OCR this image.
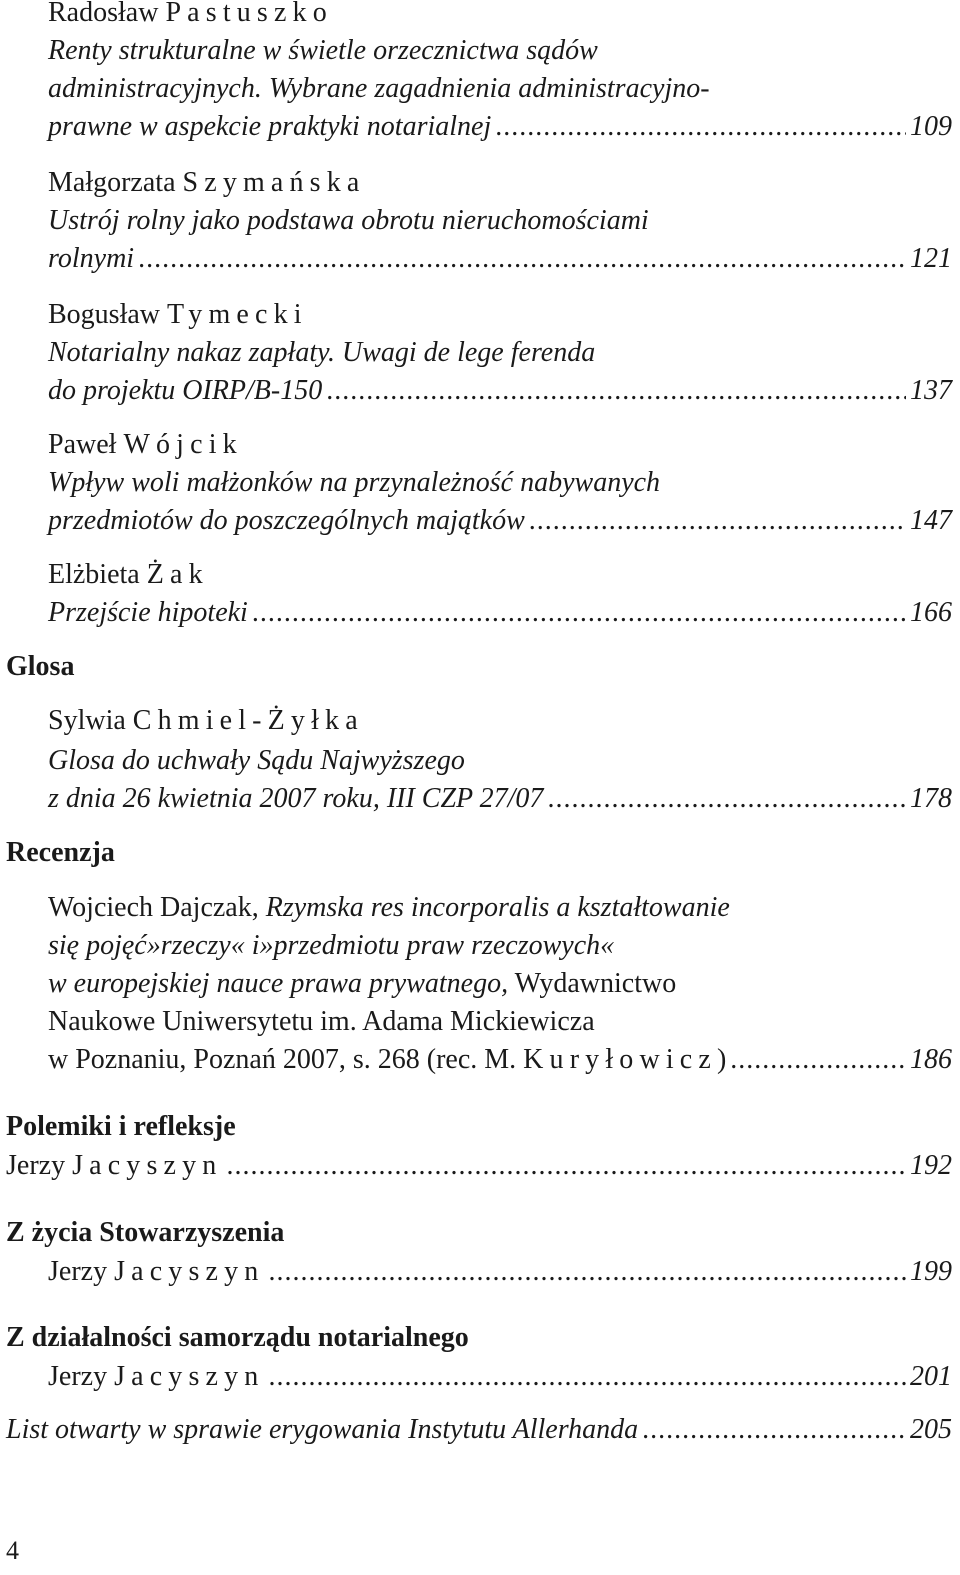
Radosław Pastuszko
Renty strukturalne w świetle orzecznictwa sądów
administracyjnych. Wybrane zagadnienia administracyjno-
prawne w aspekcie praktyki notarialnej .....	109
Małgorzata Szymańska
Ustrój rolny jako podstawa obrotu nieruchomościami
rolnymi .....	121
Bogusław Tymecki
Notarialny nakaz zapłaty. Uwagi de lege ferenda
do projektu OIRP/B-150 .....	137
Paweł Wójcik
Wpływ woli małżonków na przynależność nabywanych
przedmiotów do poszczególnych majątków .....	147
Elżbieta Żak
Przejście hipoteki .....	166
Glosa
Sylwia Chmiel-Żyłka
Glosa do uchwały Sądu Najwyższego
z dnia 26 kwietnia 2007 roku, III CZP 27/07 .....	178
Recenzja
Wojciech Dajczak, Rzymska res incorporalis a kształtowanie
się pojęć»rzeczy« i»przedmiotu praw rzeczowych«
w europejskiej nauce prawa prywatnego, Wydawnictwo
Naukowe Uniwersytetu im. Adama Mickiewicza
w Poznaniu, Poznań 2007, s. 268 (rec. M. Kuryłowicz) .....	186
Polemiki i refleksje
Jerzy Jacyszyn .....	192
Z życia Stowarzyszenia
Jerzy Jacyszyn .....	199
Z działalności samorządu notarialnego
Jerzy Jacyszyn .....	201
List otwarty w sprawie erygowania Instytutu Allerhanda .....	205
4
